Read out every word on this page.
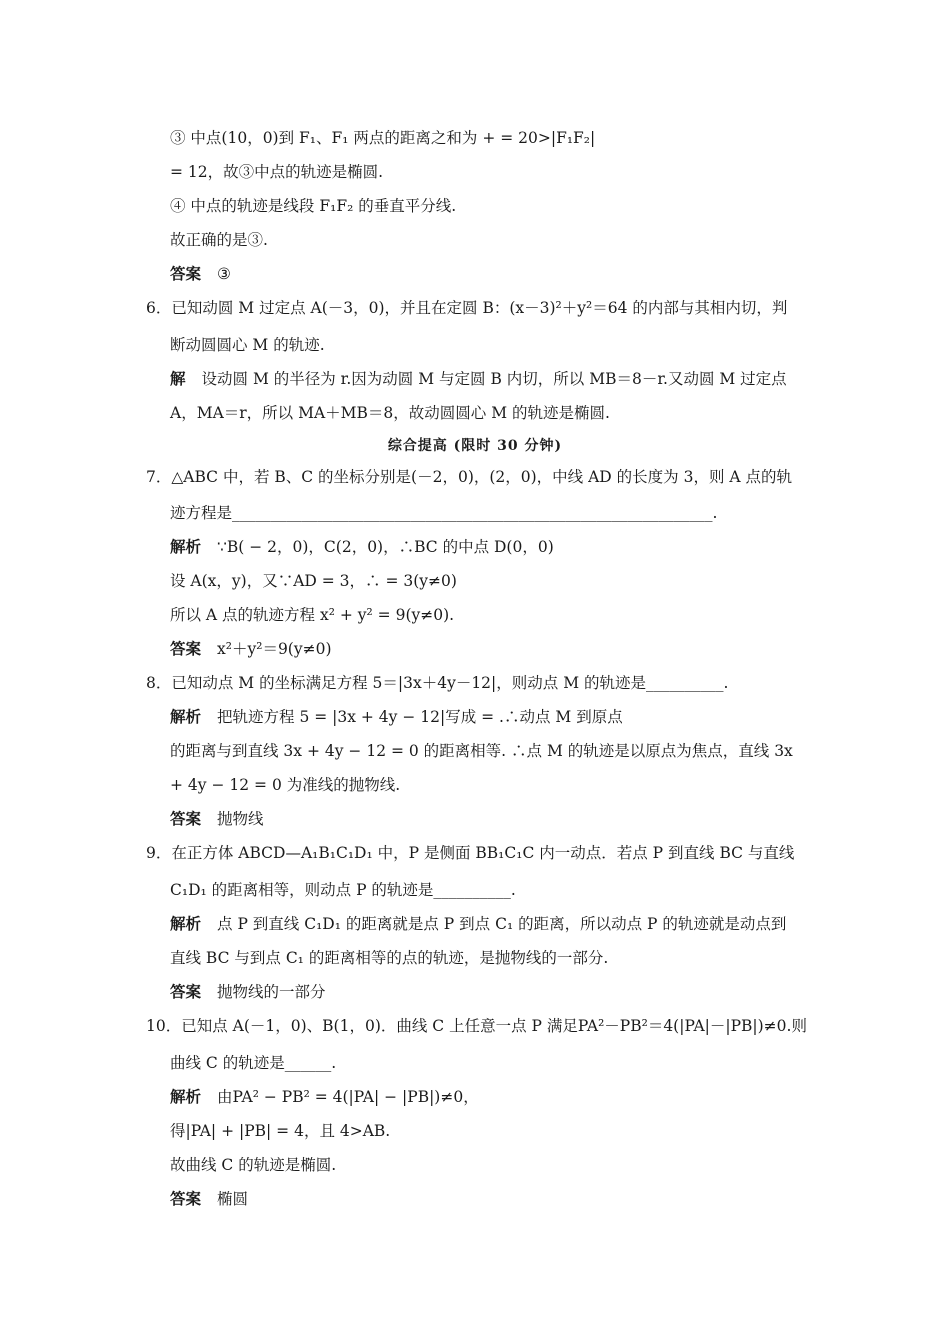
③ 中点(10，0)到 F₁、F₁ 两点的距离之和为 + = 20>|F₁F₂|
= 12，故③中点的轨迹是椭圆.
④ 中点的轨迹是线段 F₁F₂ 的垂直平分线.
故正确的是③.
答案 ③
6．已知动圆 M 过定点 A(－3，0)，并且在定圆 B：(x－3)²＋y²＝64 的内部与其相内切，判
断动圆圆心 M 的轨迹.
解 设动圆 M 的半径为 r.因为动圆 M 与定圆 B 内切，所以 MB＝8－r.又动圆 M 过定点
A，MA＝r，所以 MA＋MB＝8，故动圆圆心 M 的轨迹是椭圆.
综合提高 (限时 30 分钟)
7．△ABC 中，若 B、C 的坐标分别是(－2，0)，(2，0)，中线 AD 的长度为 3，则 A 点的轨
迹方程是______________________________________________________________.
解析 ∵B( − 2，0)，C(2，0)，∴BC 的中点 D(0，0)
设 A(x，y)，又∵AD = 3，∴ = 3(y≠0)
所以 A 点的轨迹方程 x² + y² = 9(y≠0).
答案 x²＋y²＝9(y≠0)
8．已知动点 M 的坐标满足方程 5＝|3x＋4y－12|，则动点 M 的轨迹是__________.
解析 把轨迹方程 5 = |3x + 4y − 12|写成 = .∴动点 M 到原点
的距离与到直线 3x + 4y − 12 = 0 的距离相等. ∴点 M 的轨迹是以原点为焦点，直线 3x
+ 4y − 12 = 0 为准线的抛物线.
答案 抛物线
9．在正方体 ABCD—A₁B₁C₁D₁ 中，P 是侧面 BB₁C₁C 内一动点．若点 P 到直线 BC 与直线
C₁D₁ 的距离相等，则动点 P 的轨迹是__________.
解析 点 P 到直线 C₁D₁ 的距离就是点 P 到点 C₁ 的距离，所以动点 P 的轨迹就是动点到
直线 BC 与到点 C₁ 的距离相等的点的轨迹，是抛物线的一部分.
答案 抛物线的一部分
10．已知点 A(－1，0)、B(1，0)．曲线 C 上任意一点 P 满足PA²－PB²＝4(|PA|－|PB|)≠0.则
曲线 C 的轨迹是______.
解析 由PA² − PB² = 4(|PA| − |PB|)≠0，
得|PA| + |PB| = 4，且 4>AB.
故曲线 C 的轨迹是椭圆.
答案 椭圆
